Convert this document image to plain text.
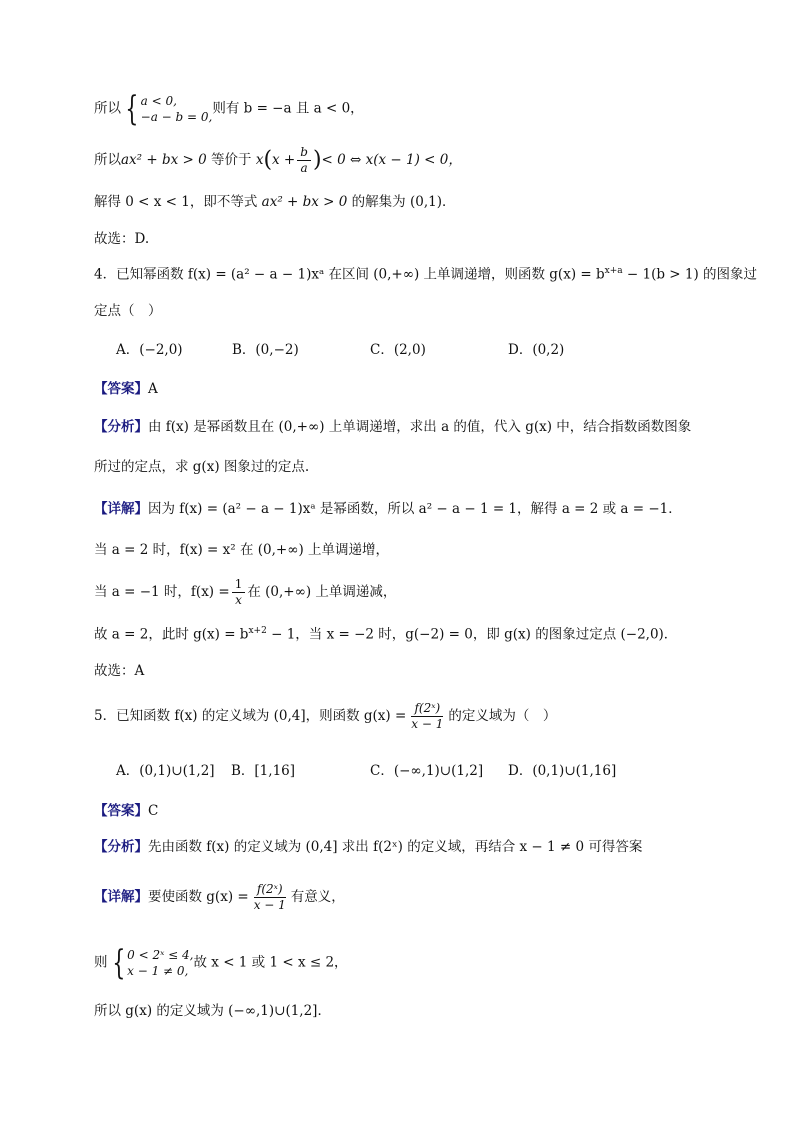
所以 { a < 0,
−a − b = 0,
则有 b = −a 且 a < 0，
所以ax² + bx > 0 等价于 $x(x + \frac{b}{a}$ )< 0 ⇔ x(x − 1) < 0，
解得 0 < x < 1，即不等式 ax² + bx > 0 的解集为 (0,1)．
故选：D.
4．已知幂函数 f(x) = (a² − a − 1)xᵃ 在区间 (0,+∞) 上单调递增，则函数 $g(x) = b^{x+a} - 1(b > 1)$ 的图象过
定点（　）
A．(−2,0)	B．(0,−2)	C．(2,0)	D．(0,2)
【答案】A
【分析】由 f(x) 是幂函数且在 (0,+∞) 上单调递增，求出 a 的值，代入 g(x) 中，结合指数函数图象
所过的定点，求 g(x) 图象过的定点.
【详解】因为 f(x) = (a² − a − 1)xᵃ 是幂函数，所以 a² − a − 1 = 1，解得 a = 2 或 a = −1．
当 a = 2 时，f(x) = x² 在 (0,+∞) 上单调递增，
当 a = −1 时，$f(x) = \frac{1}{x}$ 在 (0,+∞) 上单调递减，
故 a = 2，此时 $g(x) = b^{x+2} - 1$，当 x = −2 时，g(−2) = 0，即 g(x) 的图象过定点 (−2,0)．
故选：A
5．已知函数 f(x) 的定义域为 (0,4]，则函数 $g(x) = \frac{\text{f(2ˣ)}}{x - 1}$ 的定义域为（　）
A．(0,1)∪(1,2] B．[1,16]	C．(−∞,1)∪(1,2] D．(0,1)∪(1,16]
【答案】C
【分析】先由函数 f(x) 的定义域为 (0,4] 求出 f(2ˣ) 的定义域，再结合 x − 1 ≠ 0 可得答案
【详解】要使函数 $g(x) = \frac{\text{f(2ˣ)}}{x - 1}$ 有意义，
则 { 0 < 2ˣ ≤ 4,
x − 1 ≠ 0,
故 x < 1 或 1 < x ≤ 2，
所以 g(x) 的定义域为 (−∞,1)∪(1,2]．
